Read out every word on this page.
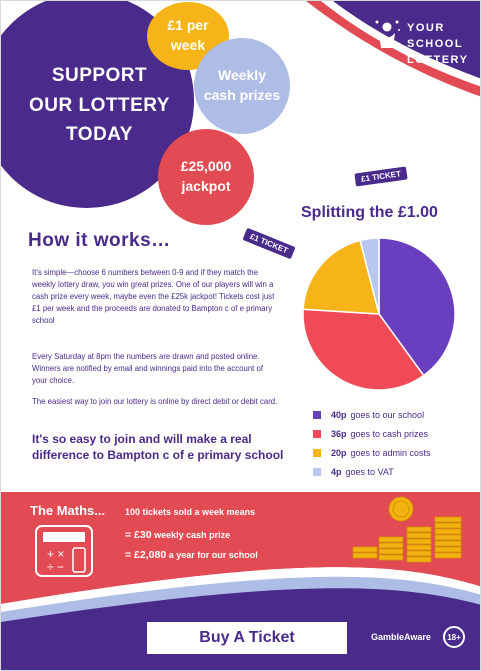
YOUR
SCHOOL
LOTTERY
SUPPORT
OUR LOTTERY
TODAY
£1 per
week
Weekly
cash prizes
£25,000
jackpot
£1 TICKET
£1 TICKET
Splitting the £1.00
40p goes to our school
36p goes to cash prizes
20p goes to admin costs
4p goes to VAT
How it works…
It's simple—choose 6 numbers between 0-9 and if they match the weekly lottery draw, you win great prizes. One of our players will win a cash prize every week, maybe even the £25k jackpot! Tickets cost just £1 per week and the proceeds are donated to Bampton c of e primary school
Every Saturday at 8pm the numbers are drawn and posted online. Winners are notified by email and winnings paid into the account of your choice.
The easiest way to join our lottery is online by direct debit or debit card.
It's so easy to join and will make a real difference to Bampton c of e primary school
The Maths... 100 tickets sold a week means
= £30 weekly cash prize
= £2,080 a year for our school
+ ×
÷ −
Buy A Ticket	GambleAware	18+
